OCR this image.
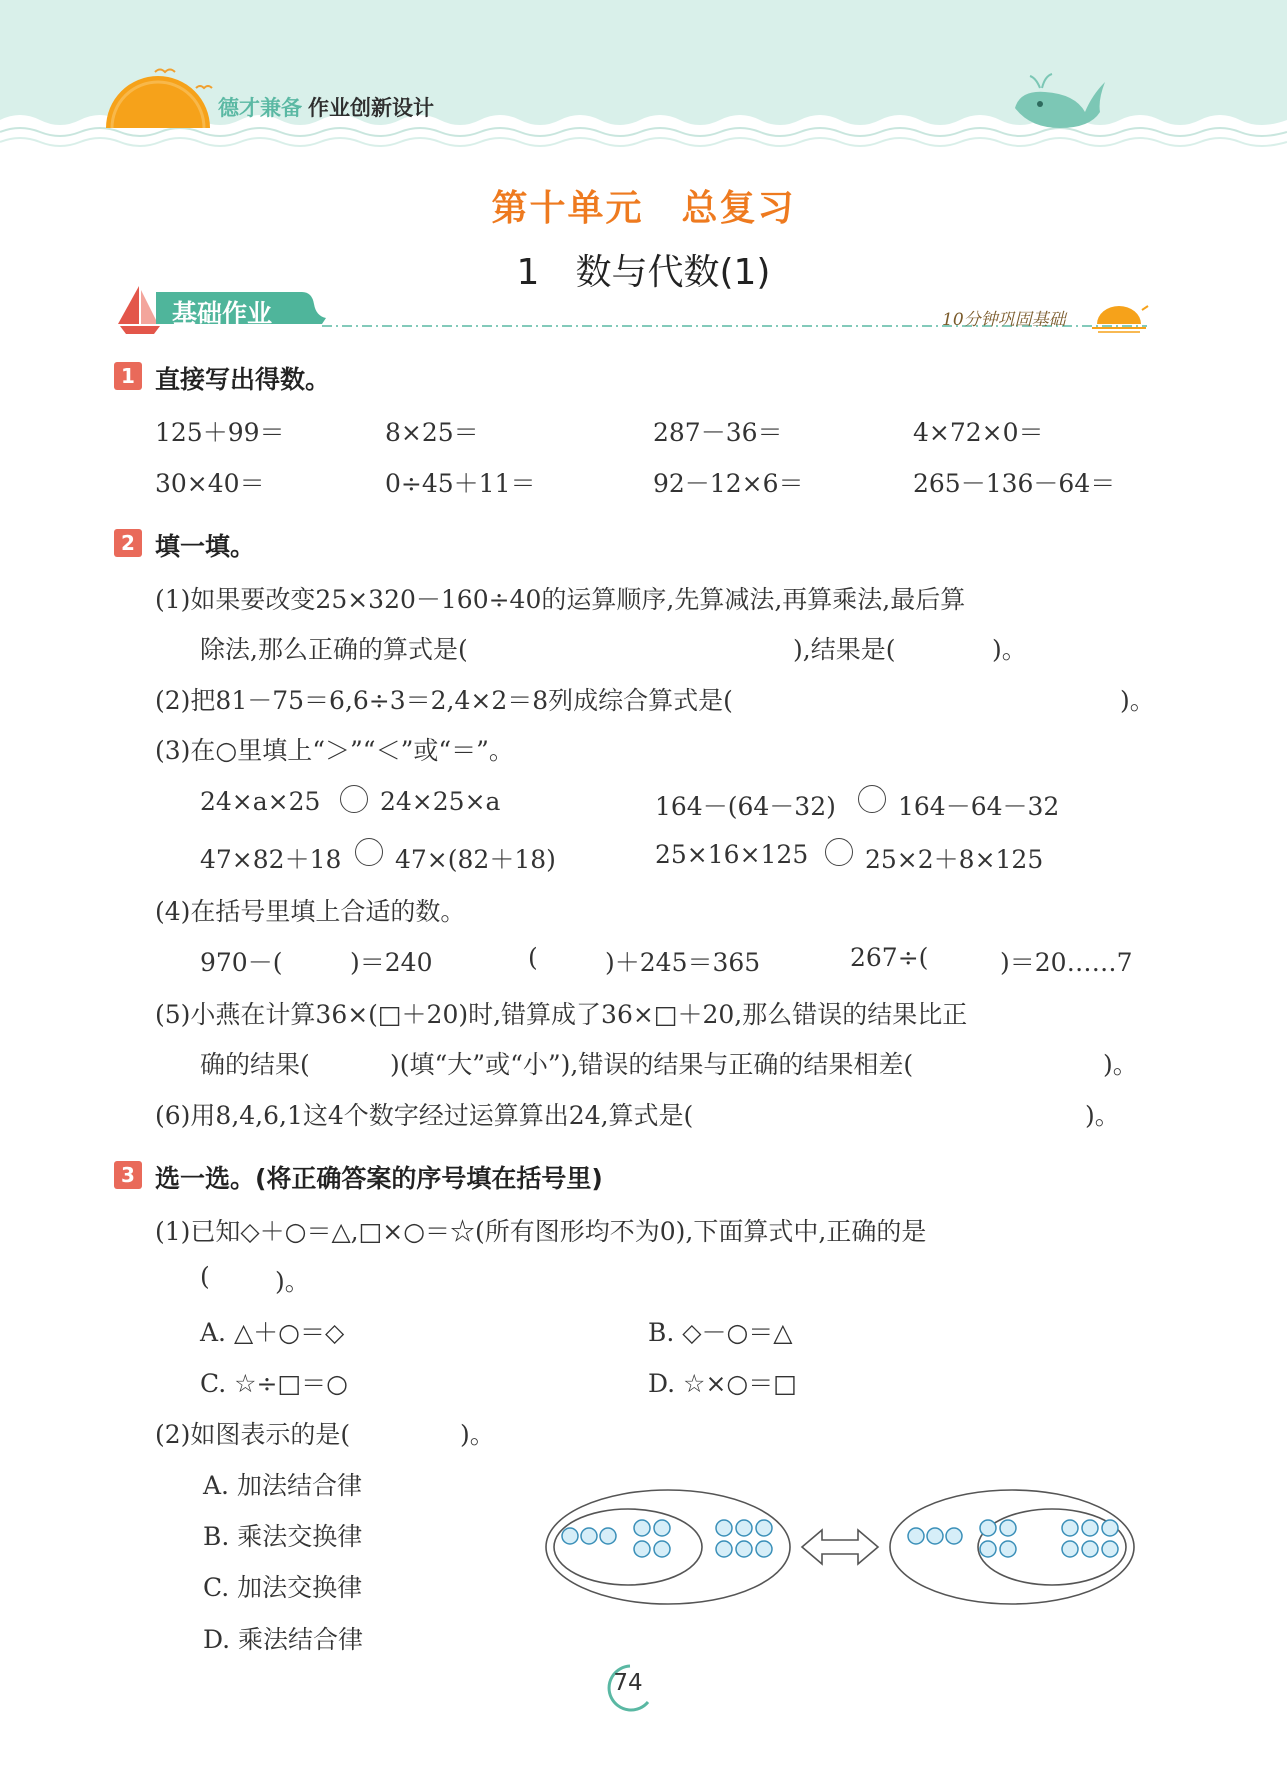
德才兼备 作业创新设计
第十单元　总复习
1　数与代数(1)
基础作业	10分钟巩固基础
1 直接写出得数。
125＋99＝	8×25＝	287－36＝	4×72×0＝
30×40＝	0÷45＋11＝	92－12×6＝	265－136－64＝
2 填一填。
(1)如果要改变25×320－160÷40的运算顺序,先算减法,再算乘法,最后算
除法,那么正确的算式是(	),结果是(	)。
(2)把81－75＝6,6÷3＝2,4×2＝8列成综合算式是(	)。
(3)在○里填上“＞”“＜”或“＝”。
24×a×25 24×25×a	164－(64－32) 164－64－32
47×82＋18 47×(82＋18)	25×16×125 25×2＋8×125
(4)在括号里填上合适的数。
970－(	)＝240	(	)＋245＝365	267÷(	)＝20……7
(5)小燕在计算36×(□＋20)时,错算成了36×□＋20,那么错误的结果比正
确的结果(	)(填“大”或“小”),错误的结果与正确的结果相差(	)。
(6)用8,4,6,1这4个数字经过运算算出24,算式是(	)。
3 选一选。(将正确答案的序号填在括号里)
(1)已知◇＋○＝△,□×○＝☆(所有图形均不为0),下面算式中,正确的是
(	)。
A. △＋○＝◇	B. ◇－○＝△
C. ☆÷□＝○	D. ☆×○＝□
(2)如图表示的是(	)。
A. 加法结合律
B. 乘法交换律
C. 加法交换律
D. 乘法结合律
74
